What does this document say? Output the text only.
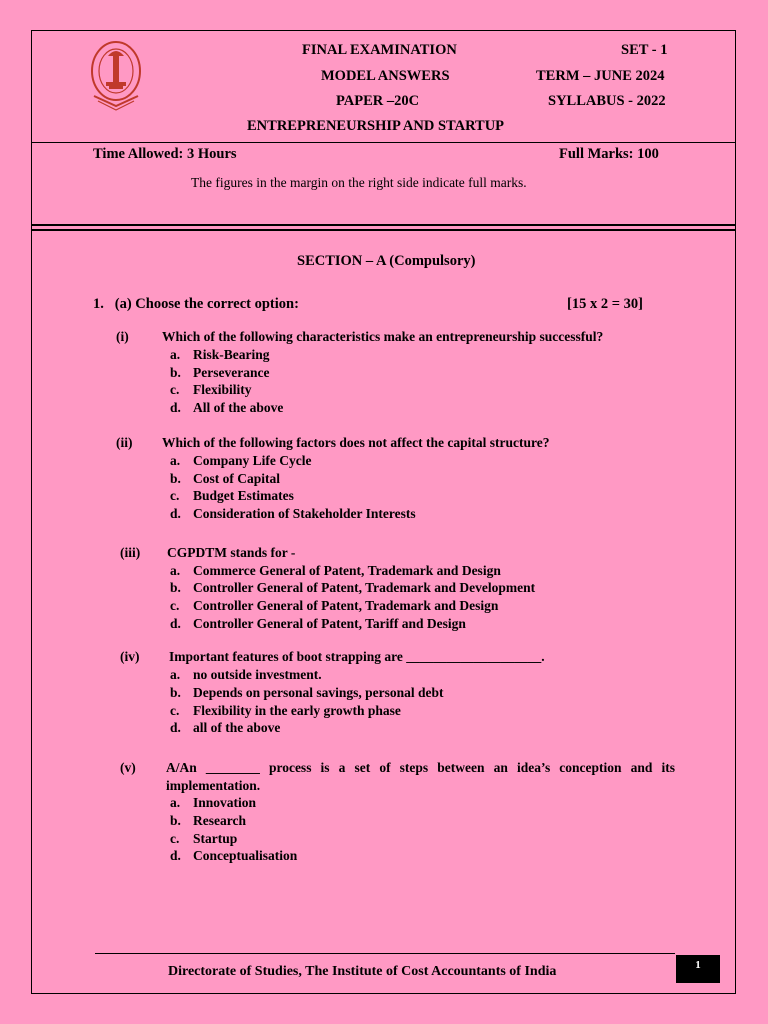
FINAL EXAMINATION	SET - 1
MODEL ANSWERS	TERM – JUNE 2024
PAPER –20C	SYLLABUS - 2022
ENTREPRENEURSHIP AND STARTUP
Time Allowed: 3 Hours	Full Marks: 100
The figures in the margin on the right side indicate full marks.
SECTION – A (Compulsory)
1.   (a) Choose the correct option:	[15 x 2 = 30]
(i) Which of the following characteristics make an entrepreneurship successful?
a. Risk-Bearing
b. Perseverance
c. Flexibility
d. All of the above
(ii) Which of the following factors does not affect the capital structure?
a. Company Life Cycle
b. Cost of Capital
c. Budget Estimates
d. Consideration of Stakeholder Interests
(iii) CGPDTM stands for -
a. Commerce General of Patent, Trademark and Design
b. Controller General of Patent, Trademark and Development
c. Controller General of Patent, Trademark and Design
d. Controller General of Patent, Tariff and Design
(iv) Important features of boot strapping are ____________________.
a. no outside investment.
b. Depends on personal savings, personal debt
c. Flexibility in the early growth phase
d. all of the above
(v) A/An ________ process is a set of steps between an idea’s conception and its
implementation.
a. Innovation
b. Research
c. Startup
d. Conceptualisation
Directorate of Studies, The Institute of Cost Accountants of India	1
